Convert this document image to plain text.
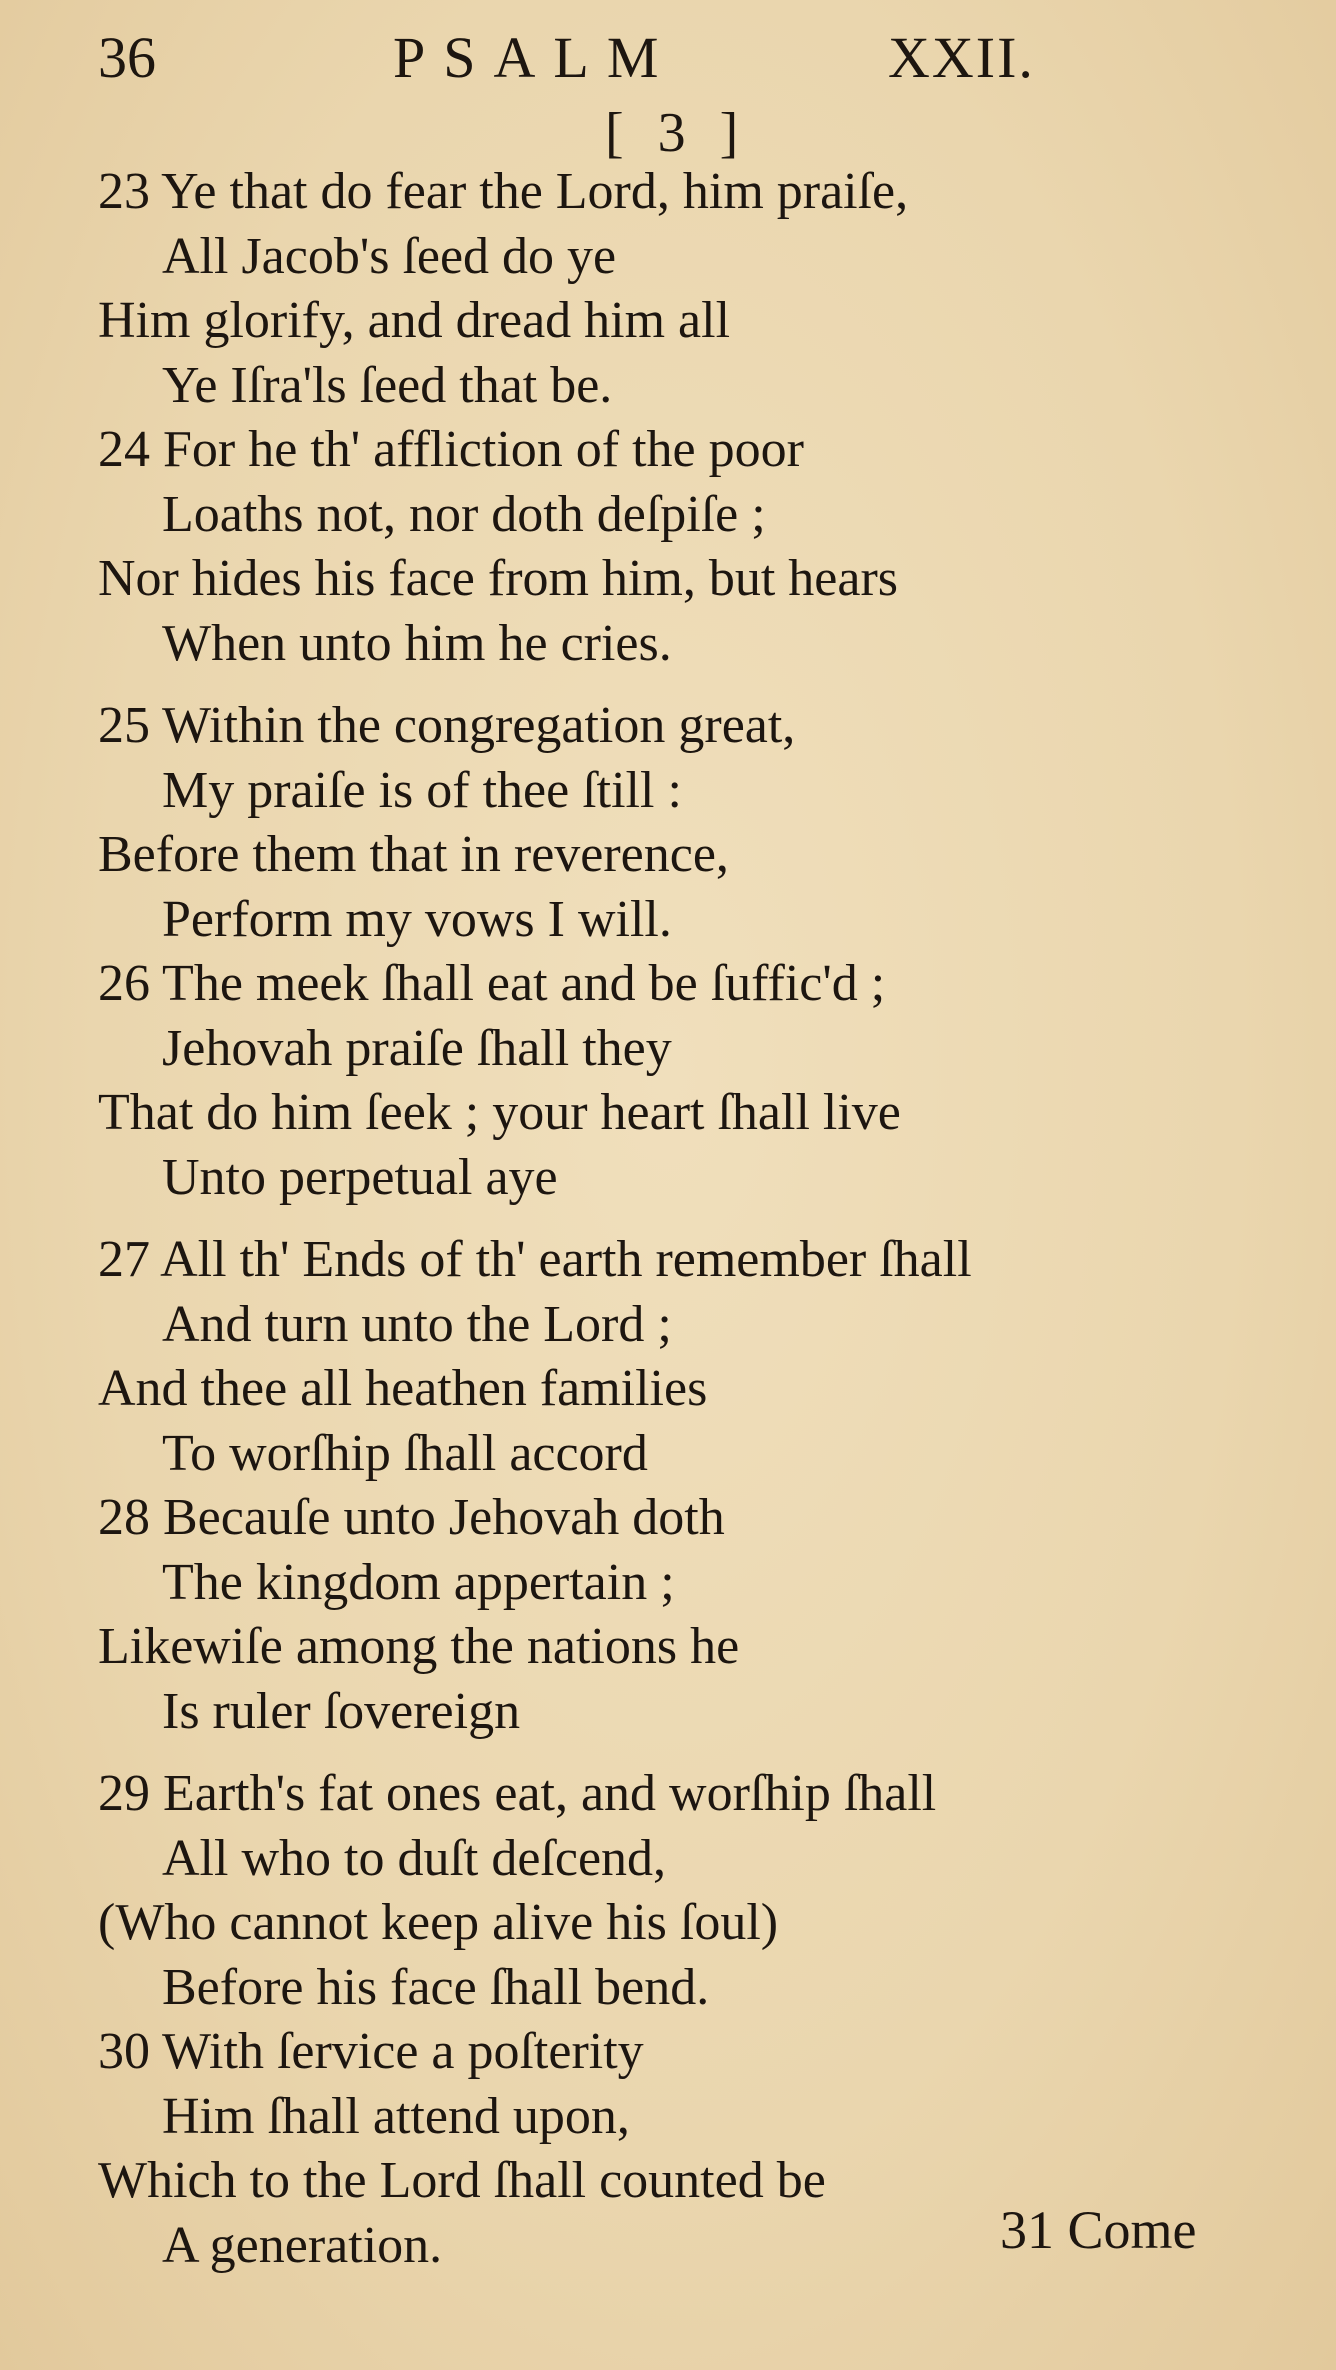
36	PSALM	XXII.
[ 3 ]
23 Ye that do fear the Lord, him praiſe,
All Jacob's ſeed do ye
Him glorify, and dread him all
Ye Iſra'ls ſeed that be.
24 For he th' affliction of the poor
Loaths not, nor doth deſpiſe ;
Nor hides his face from him, but hears
When unto him he cries.
25 Within the congregation great,
My praiſe is of thee ſtill :
Before them that in reverence,
Perform my vows I will.
26 The meek ſhall eat and be ſuffic'd ;
Jehovah praiſe ſhall they
That do him ſeek ; your heart ſhall live
Unto perpetual aye
27 All th' Ends of th' earth remember ſhall
And turn unto the Lord ;
And thee all heathen families
To worſhip ſhall accord
28 Becauſe unto Jehovah doth
The kingdom appertain ;
Likewiſe among the nations he
Is ruler ſovereign
29 Earth's fat ones eat, and worſhip ſhall
All who to duſt deſcend,
(Who cannot keep alive his ſoul)
Before his face ſhall bend.
30 With ſervice a poſterity
Him ſhall attend upon,
Which to the Lord ſhall counted be
A generation.	31 Come
